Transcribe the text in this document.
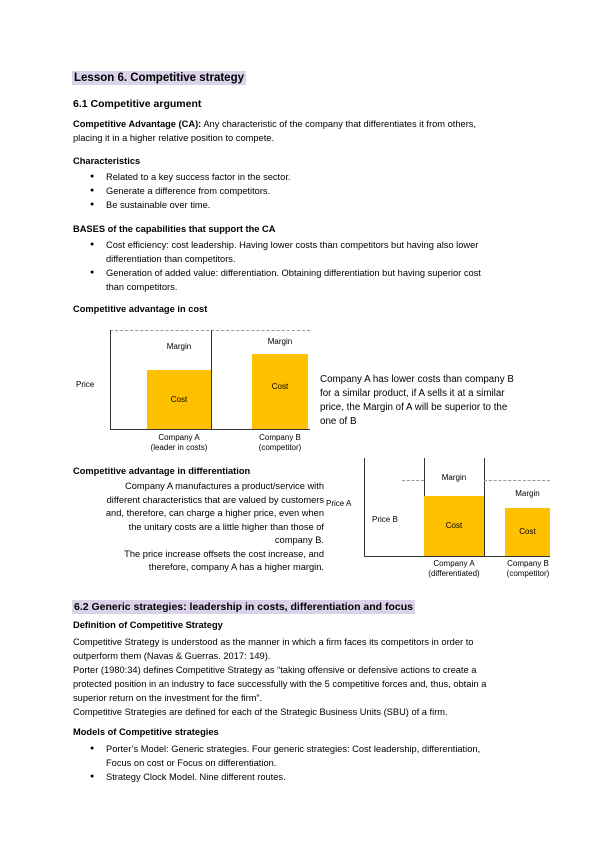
Lesson 6. Competitive strategy
6.1 Competitive argument
Competitive Advantage (CA): Any characteristic of the company that differentiates it from others,
placing it in a higher relative position to compete.
Characteristics
● Related to a key success factor in the sector.
● Generate a difference from competitors.
● Be sustainable over time.
BASES of the capabilities that support the CA
● Cost efficiency: cost leadership. Having lower costs than competitors but having also lower
differentiation than competitors.
● Generation of added value: differentiation. Obtaining differentiation but having superior cost
than competitors.
Competitive advantage in cost
Price
Margin
Cost
Margin
Cost
Company A
(leader in costs)
Company B
(competitor)
Company A has lower costs than company B
for a similar product, if A sells it at a similar
price, the Margin of A will be superior to the
one of B
Competitive advantage in differentiation
Company A manufactures a product/service with
different characteristics that are valued by customers
and, therefore, can charge a higher price, even when
the unitary costs are a little higher than those of
company B.
The price increase offsets the cost increase, and
therefore, company A has a higher margin.
Price A
Price B
Margin
Cost
Margin
Cost
Company A
(differentiated)
Company B
(competitor)
6.2 Generic strategies: leadership in costs, differentiation and focus
Definition of Competitive Strategy
Competitive Strategy is understood as the manner in which a firm faces its competitors in order to
outperform them (Navas & Guerras. 2017: 149).
Porter (1980:34) defines Competitive Strategy as “taking offensive or defensive actions to create a
protected position in an industry to face successfully with the 5 competitive forces and, thus, obtain a
superior return on the investment for the firm”.
Competitive Strategies are defined for each of the Strategic Business Units (SBU) of a firm.
Models of Competitive strategies
● Porter’s Model: Generic strategies. Four generic strategies: Cost leadership, differentiation,
Focus on cost or Focus on differentiation.
● Strategy Clock Model. Nine different routes.
